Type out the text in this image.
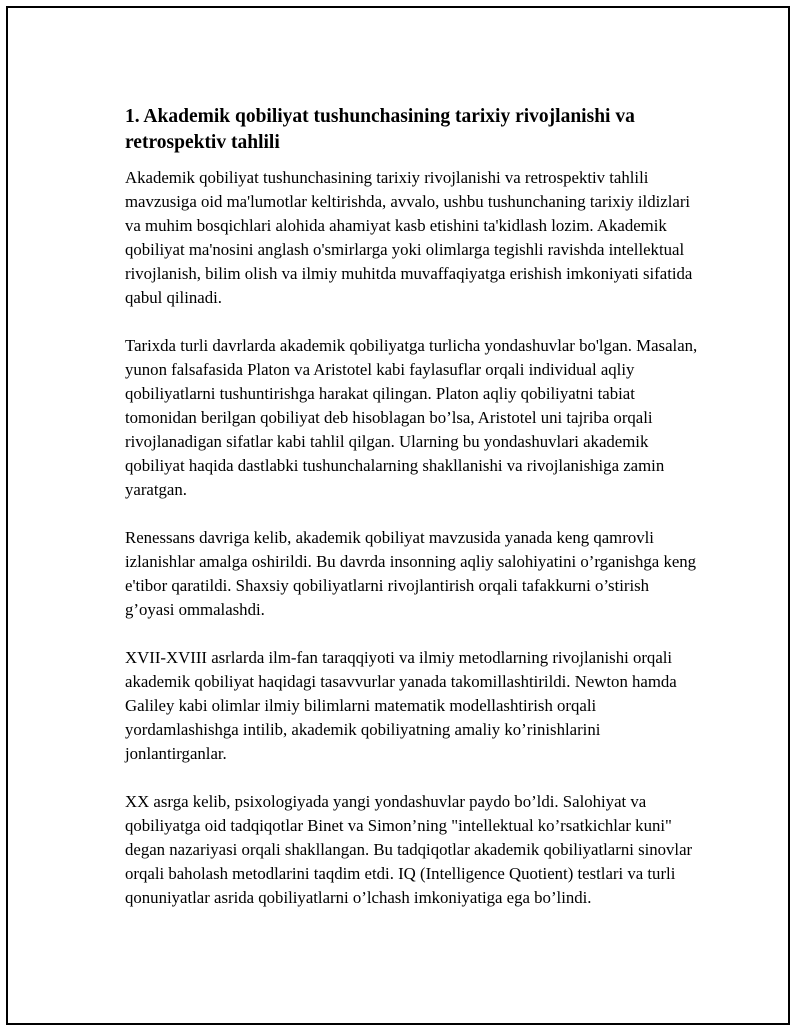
1. Akademik qobiliyat tushunchasining tarixiy rivojlanishi va retrospektiv tahlili

Akademik qobiliyat tushunchasining tarixiy rivojlanishi va retrospektiv tahlili mavzusiga oid ma'lumotlar keltirishda, avvalo, ushbu tushunchaning tarixiy ildizlari va muhim bosqichlari alohida ahamiyat kasb etishini ta'kidlash lozim. Akademik qobiliyat ma'nosini anglash o'smirlarga yoki olimlarga tegishli ravishda intellektual rivojlanish, bilim olish va ilmiy muhitda muvaffaqiyatga erishish imkoniyati sifatida qabul qilinadi.

Tarixda turli davrlarda akademik qobiliyatga turlicha yondashuvlar bo'lgan. Masalan, yunon falsafasida Platon va Aristotel kabi faylasuflar orqali individual aqliy qobiliyatlarni tushuntirishga harakat qilingan. Platon aqliy qobiliyatni tabiat tomonidan berilgan qobiliyat deb hisoblagan bo’lsa, Aristotel uni tajriba orqali rivojlanadigan sifatlar kabi tahlil qilgan. Ularning bu yondashuvlari akademik qobiliyat haqida dastlabki tushunchalarning shakllanishi va rivojlanishiga zamin yaratgan.

Renessans davriga kelib, akademik qobiliyat mavzusida yanada keng qamrovli izlanishlar amalga oshirildi. Bu davrda insonning aqliy salohiyatini o’rganishga keng e'tibor qaratildi. Shaxsiy qobiliyatlarni rivojlantirish orqali tafakkurni o’stirish g’oyasi ommalashdi.

XVII-XVIII asrlarda ilm-fan taraqqiyoti va ilmiy metodlarning rivojlanishi orqali akademik qobiliyat haqidagi tasavvurlar yanada takomillashtirildi. Newton hamda Galiley kabi olimlar ilmiy bilimlarni matematik modellashtirish orqali yordamlashishga intilib, akademik qobiliyatning amaliy ko’rinishlarini jonlantirganlar.

XX asrga kelib, psixologiyada yangi yondashuvlar paydo bo’ldi. Salohiyat va qobiliyatga oid tadqiqotlar Binet va Simon’ning "intellektual ko’rsatkichlar kuni" degan nazariyasi orqali shakllangan. Bu tadqiqotlar akademik qobiliyatlarni sinovlar orqali baholash metodlarini taqdim etdi. IQ (Intelligence Quotient) testlari va turli qonuniyatlar asrida qobiliyatlarni o’lchash imkoniyatiga ega bo’lindi.
